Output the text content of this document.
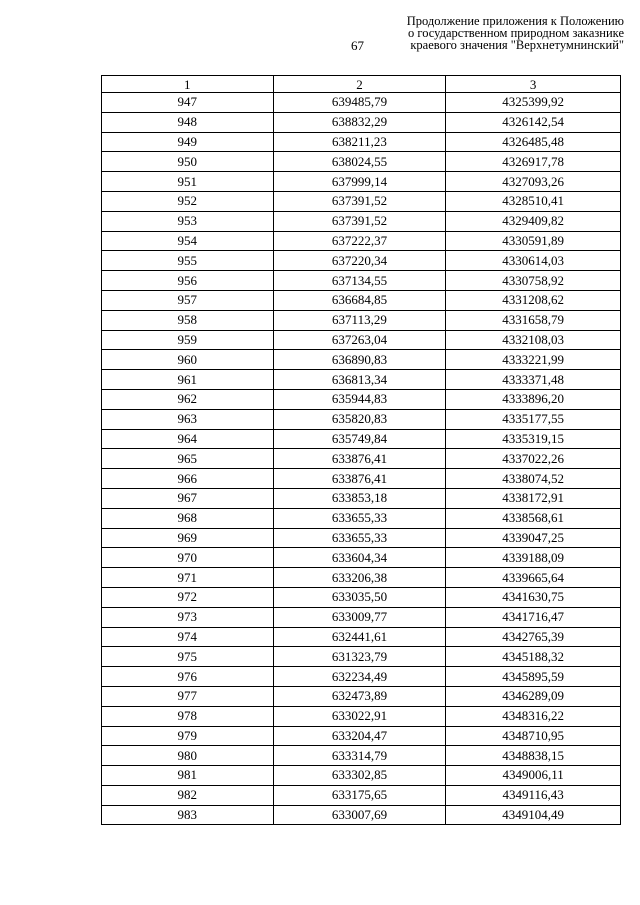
67
Продолжение приложения к Положению
о государственном природном заказнике
краевого значения "Верхнетумнинский"
1	2	3
947	639485,79	4325399,92
948	638832,29	4326142,54
949	638211,23	4326485,48
950	638024,55	4326917,78
951	637999,14	4327093,26
952	637391,52	4328510,41
953	637391,52	4329409,82
954	637222,37	4330591,89
955	637220,34	4330614,03
956	637134,55	4330758,92
957	636684,85	4331208,62
958	637113,29	4331658,79
959	637263,04	4332108,03
960	636890,83	4333221,99
961	636813,34	4333371,48
962	635944,83	4333896,20
963	635820,83	4335177,55
964	635749,84	4335319,15
965	633876,41	4337022,26
966	633876,41	4338074,52
967	633853,18	4338172,91
968	633655,33	4338568,61
969	633655,33	4339047,25
970	633604,34	4339188,09
971	633206,38	4339665,64
972	633035,50	4341630,75
973	633009,77	4341716,47
974	632441,61	4342765,39
975	631323,79	4345188,32
976	632234,49	4345895,59
977	632473,89	4346289,09
978	633022,91	4348316,22
979	633204,47	4348710,95
980	633314,79	4348838,15
981	633302,85	4349006,11
982	633175,65	4349116,43
983	633007,69	4349104,49
